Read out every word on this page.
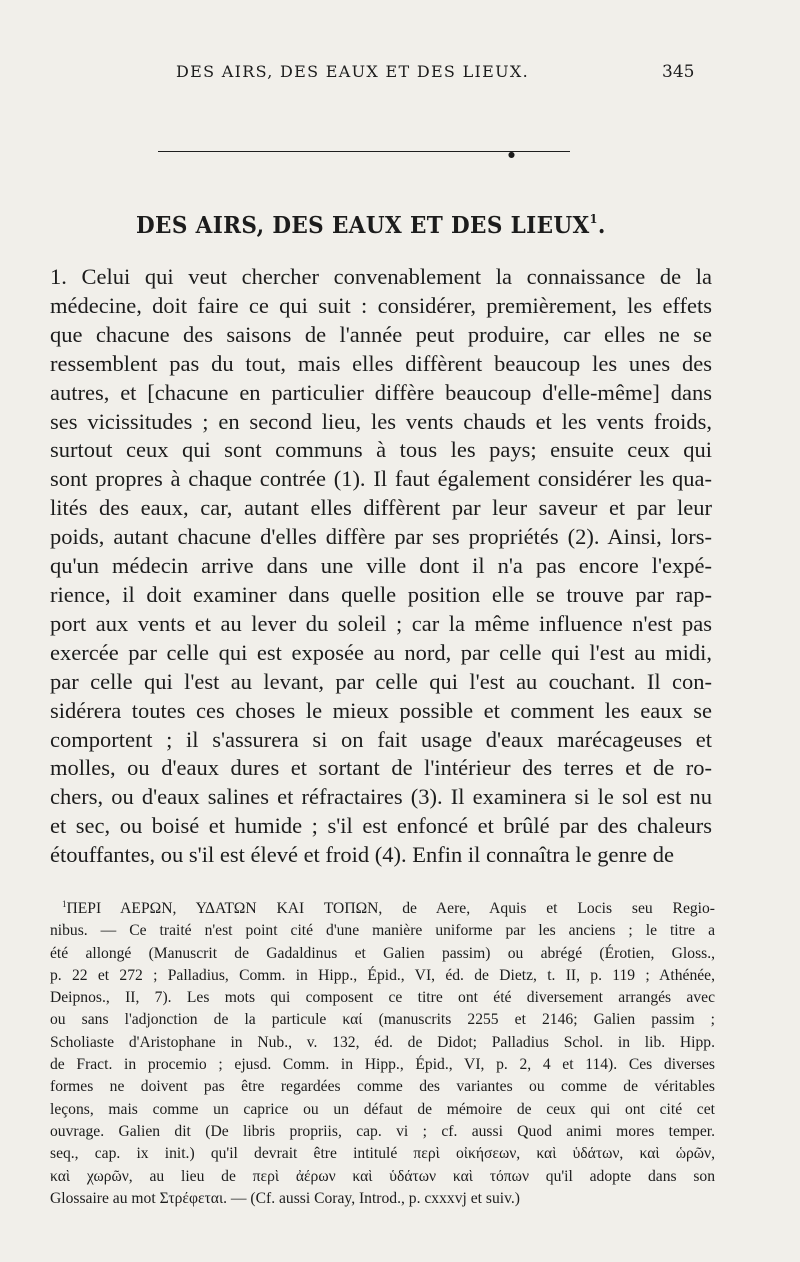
DES AIRS, DES EAUX ET DES LIEUX.	345
●
DES AIRS, DES EAUX ET DES LIEUX$^1$.
1. Celui qui veut chercher convenablement la connaissance de la
médecine, doit faire ce qui suit : considérer, premièrement, les effets
que chacune des saisons de l'année peut produire, car elles ne se
ressemblent pas du tout, mais elles diffèrent beaucoup les unes des
autres, et [chacune en particulier diffère beaucoup d'elle-même] dans
ses vicissitudes ; en second lieu, les vents chauds et les vents froids,
surtout ceux qui sont communs à tous les pays; ensuite ceux qui
sont propres à chaque contrée (1). Il faut également considérer les qua-
lités des eaux, car, autant elles diffèrent par leur saveur et par leur
poids, autant chacune d'elles diffère par ses propriétés (2). Ainsi, lors-
qu'un médecin arrive dans une ville dont il n'a pas encore l'expé-
rience, il doit examiner dans quelle position elle se trouve par rap-
port aux vents et au lever du soleil ; car la même influence n'est pas
exercée par celle qui est exposée au nord, par celle qui l'est au midi,
par celle qui l'est au levant, par celle qui l'est au couchant. Il con-
sidérera toutes ces choses le mieux possible et comment les eaux se
comportent ; il s'assurera si on fait usage d'eaux marécageuses et
molles, ou d'eaux dures et sortant de l'intérieur des terres et de ro-
chers, ou d'eaux salines et réfractaires (3). Il examinera si le sol est nu
et sec, ou boisé et humide ; s'il est enfoncé et brûlé par des chaleurs
étouffantes, ou s'il est élevé et froid (4). Enfin il connaîtra le genre de
$^1$ΠΕΡΙ ΑΕΡΩΝ, ΥΔΑΤΩΝ ΚΑΙ ΤΟΠΩΝ, de Aere, Aquis et Locis seu Regio-
nibus. — Ce traité n'est point cité d'une manière uniforme par les anciens ; le titre a
été allongé (Manuscrit de Gadaldinus et Galien passim) ou abrégé (Érotien, Gloss.,
p. 22 et 272 ; Palladius, Comm. in Hipp., Épid., VI, éd. de Dietz, t. II, p. 119 ; Athénée,
Deipnos., II, 7). Les mots qui composent ce titre ont été diversement arrangés avec
ou sans l'adjonction de la particule καί (manuscrits 2255 et 2146; Galien passim ;
Scholiaste d'Aristophane in Nub., v. 132, éd. de Didot; Palladius Schol. in lib. Hipp.
de Fract. in procemio ; ejusd. Comm. in Hipp., Épid., VI, p. 2, 4 et 114). Ces diverses
formes ne doivent pas être regardées comme des variantes ou comme de véritables
leçons, mais comme un caprice ou un défaut de mémoire de ceux qui ont cité cet
ouvrage. Galien dit (De libris propriis, cap. vi ; cf. aussi Quod animi mores temper.
seq., cap. ix init.) qu'il devrait être intitulé περὶ οἰκήσεων, καὶ ὑδάτων, καὶ ὡρῶν,
καὶ χωρῶν, au lieu de περὶ ἀέρων καὶ ὑδάτων καὶ τόπων qu'il adopte dans son
Glossaire au mot Στρέφεται. — (Cf. aussi Coray, Introd., p. cxxxvj et suiv.)
